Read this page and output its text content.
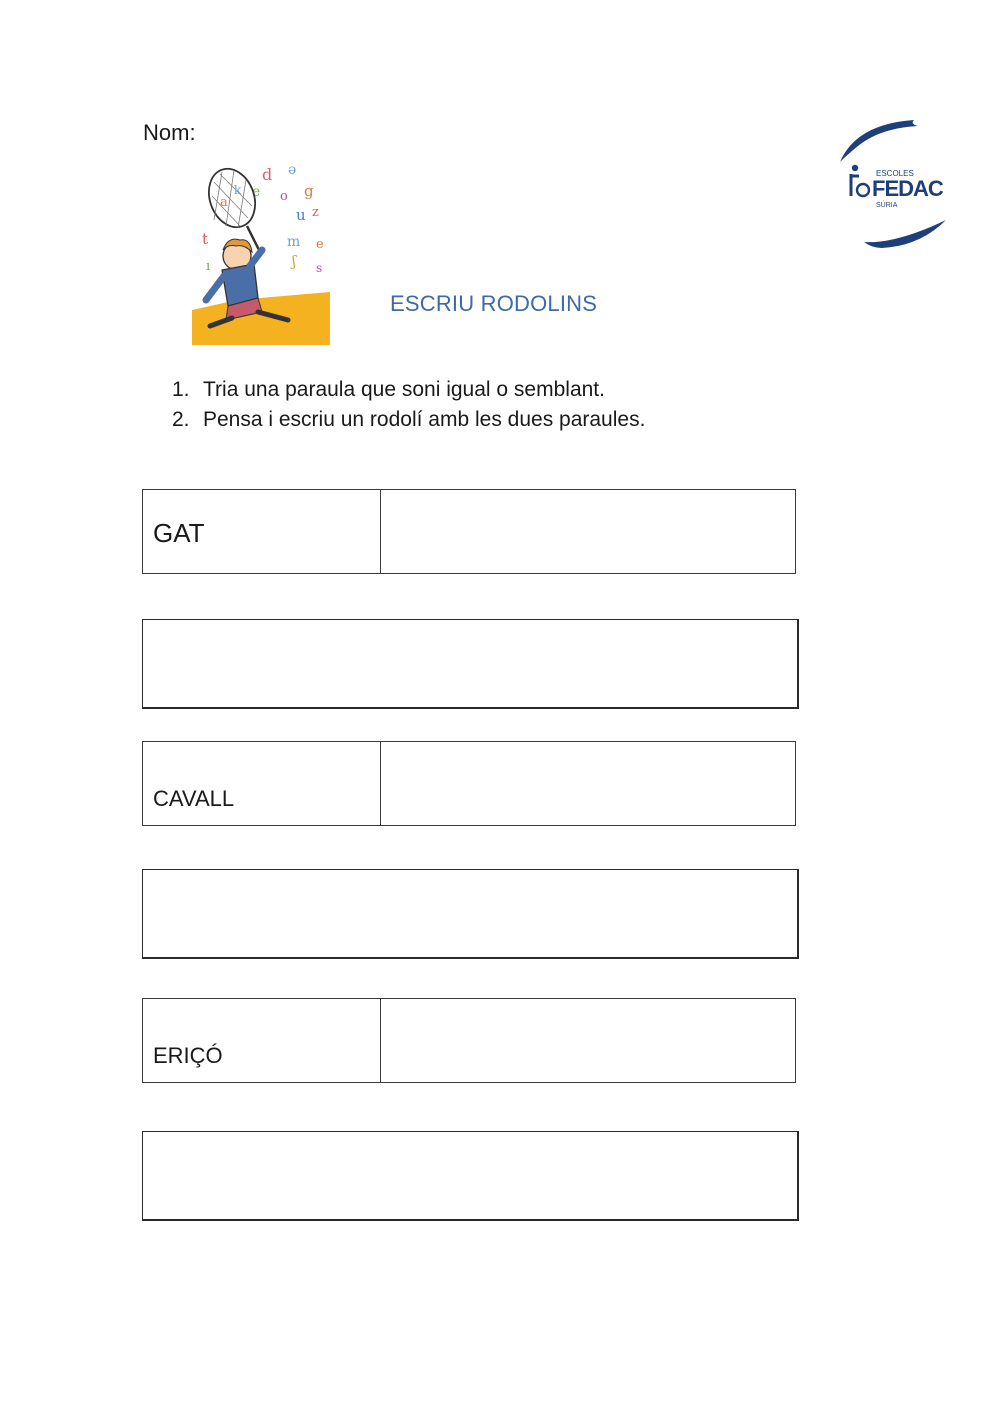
Nom:
d ə
g
e o
u z
t	m e
ʃ
ı	s
a
k
ESCOLES
FEDAC
SÚRIA
ESCRIU RODOLINS
1. Tria una paraula que soni igual o semblant.
2. Pensa i escriu un rodolí amb les dues paraules.
GAT
CAVALL
ERIÇÓ
